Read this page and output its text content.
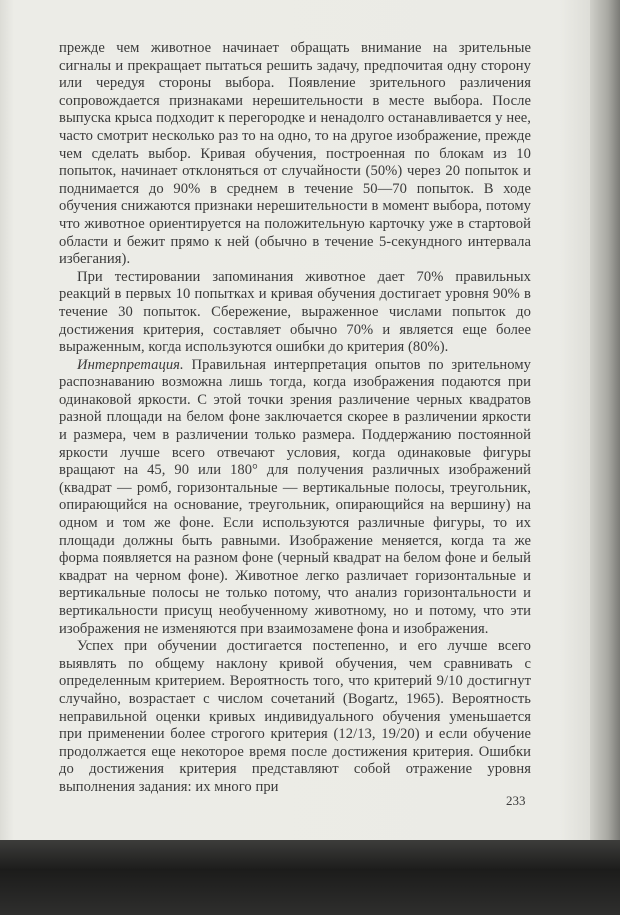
прежде чем животное начинает обращать внимание на зрительные сигналы и прекращает пытаться решить задачу, предпочитая одну сторону или чередуя стороны выбора. Появление зрительного различения сопровождается признаками нерешительности в месте выбора. После выпуска крыса подходит к перегородке и ненадолго останавливается у нее, часто смотрит несколько раз то на одно, то на другое изображение, прежде чем сделать выбор. Кривая обучения, построенная по блокам из 10 попыток, начинает отклоняться от случайности (50%) через 20 попыток и поднимается до 90% в среднем в течение 50—70 попыток. В ходе обучения снижаются признаки нерешительности в момент выбора, потому что животное ориентируется на положительную карточку уже в стартовой области и бежит прямо к ней (обычно в течение 5-секундного интервала избегания).

При тестировании запоминания животное дает 70% правильных реакций в первых 10 попытках и кривая обучения достигает уровня 90% в течение 30 попыток. Сбережение, выраженное числами попыток до достижения критерия, составляет обычно 70% и является еще более выраженным, когда используются ошибки до критерия (80%).

Интерпретация. Правильная интерпретация опытов по зрительному распознаванию возможна лишь тогда, когда изображения подаются при одинаковой яркости. С этой точки зрения различение черных квадратов разной площади на белом фоне заключается скорее в различении яркости и размера, чем в различении только размера. Поддержанию постоянной яркости лучше всего отвечают условия, когда одинаковые фигуры вращают на 45, 90 или 180° для получения различных изображений (квадрат — ромб, горизонтальные — вертикальные полосы, треугольник, опирающийся на основание, треугольник, опирающийся на вершину) на одном и том же фоне. Если используются различные фигуры, то их площади должны быть равными. Изображение меняется, когда та же форма появляется на разном фоне (черный квадрат на белом фоне и белый квадрат на черном фоне). Животное легко различает горизонтальные и вертикальные полосы не только потому, что анализ горизонтальности и вертикальности присущ необученному животному, но и потому, что эти изображения не изменяются при взаимозамене фона и изображения.

Успех при обучении достигается постепенно, и его лучше всего выявлять по общему наклону кривой обучения, чем сравнивать с определенным критерием. Вероятность того, что критерий 9/10 достигнут случайно, возрастает с числом сочетаний (Bogartz, 1965). Вероятность неправильной оценки кривых индивидуального обучения уменьшается при применении более строгого критерия (12/13, 19/20) и если обучение продолжается еще некоторое время после достижения критерия. Ошибки до достижения критерия представляют собой отражение уровня выполнения задания: их много при

233
